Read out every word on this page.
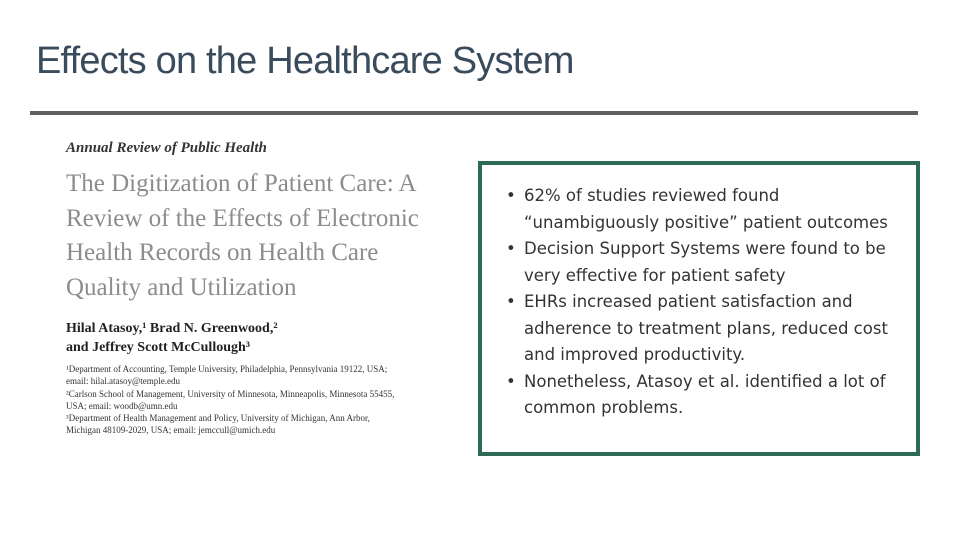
Effects on the Healthcare System

Annual Review of Public Health

The Digitization of Patient Care: A Review of the Effects of Electronic Health Records on Health Care Quality and Utilization

Hilal Atasoy,¹ Brad N. Greenwood,²
and Jeffrey Scott McCullough³

¹Department of Accounting, Temple University, Philadelphia, Pennsylvania 19122, USA;
email: hilal.atasoy@temple.edu
²Carlson School of Management, University of Minnesota, Minneapolis, Minnesota 55455,
USA; email: woodb@umn.edu
³Department of Health Management and Policy, University of Michigan, Ann Arbor,
Michigan 48109-2029, USA; email: jemccull@umich.edu
• 62% of studies reviewed found “unambiguously positive” patient outcomes
• Decision Support Systems were found to be very effective for patient safety
• EHRs increased patient satisfaction and adherence to treatment plans, reduced cost and improved productivity.
• Nonetheless, Atasoy et al. identified a lot of common problems.
